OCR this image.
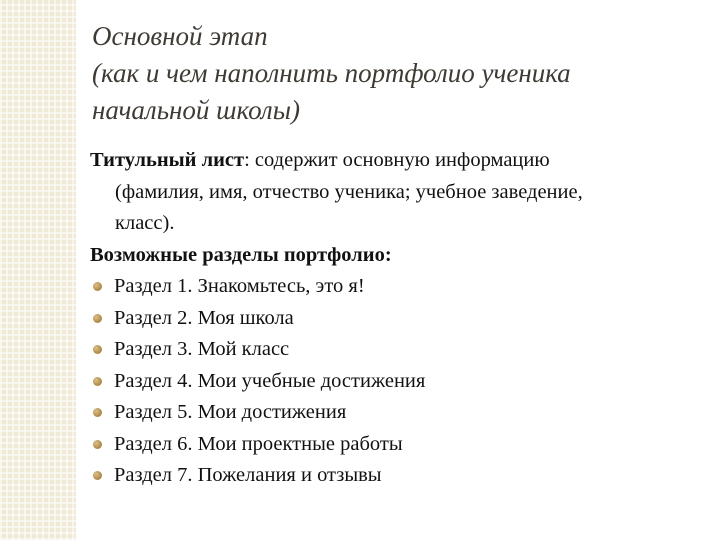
Основной этап
(как и чем наполнить портфолио ученика
начальной школы)

Титульный лист: содержит основную информацию
(фамилия, имя, отчество ученика; учебное заведение,
класс).

Возможные разделы портфолио:

Раздел 1. Знакомьтесь, это я!
Раздел 2. Моя школа
Раздел 3. Мой класс
Раздел 4. Мои учебные достижения
Раздел 5. Мои достижения
Раздел 6. Мои проектные работы
Раздел 7. Пожелания и отзывы
